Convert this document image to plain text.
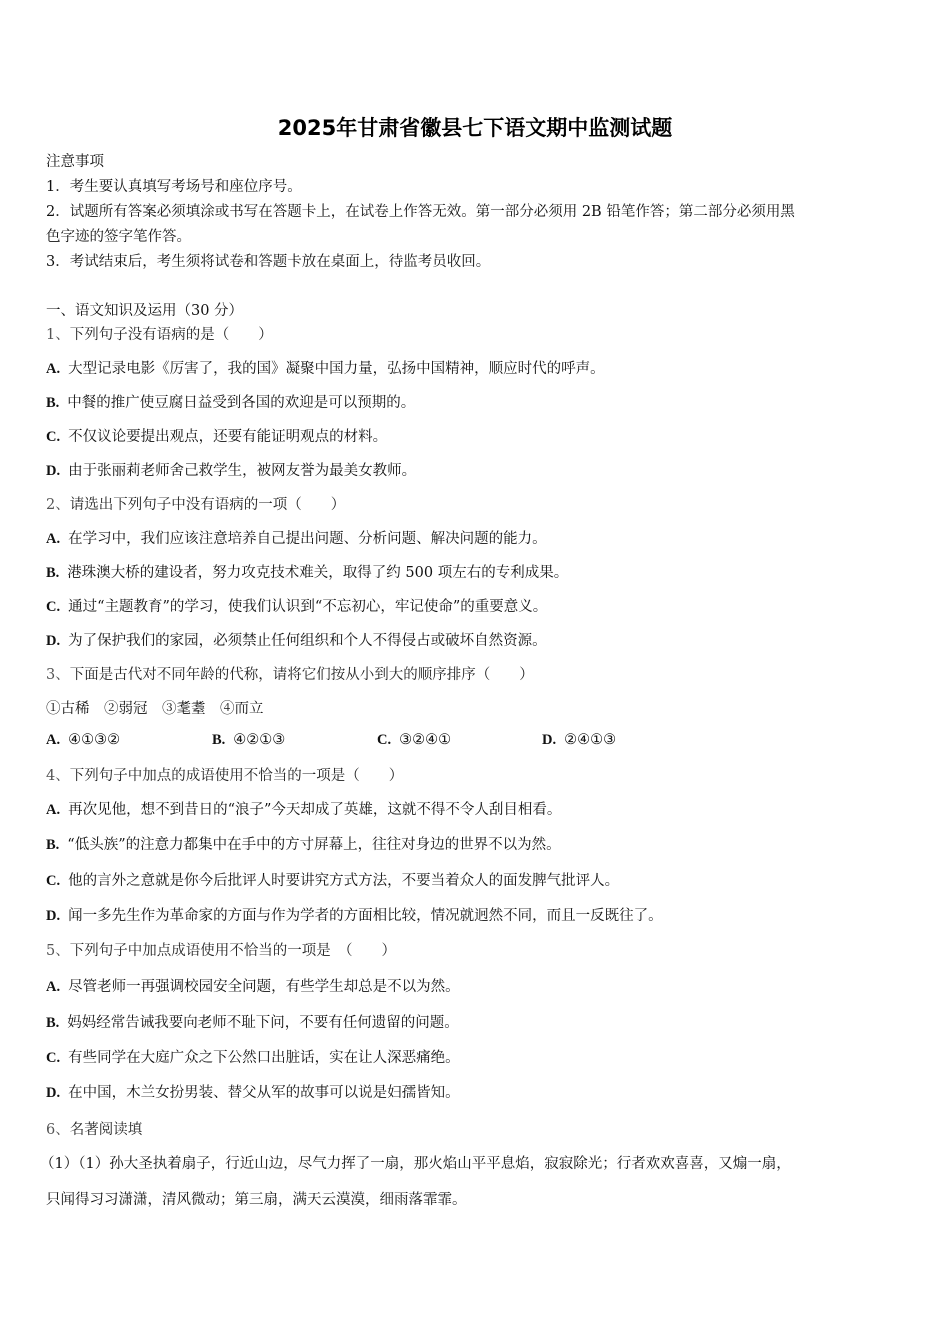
2025年甘肃省徽县七下语文期中监测试题
注意事项
1．考生要认真填写考场号和座位序号。
2．试题所有答案必须填涂或书写在答题卡上，在试卷上作答无效。第一部分必须用 2B 铅笔作答；第二部分必须用黑
色字迹的签字笔作答。
3．考试结束后，考生须将试卷和答题卡放在桌面上，待监考员收回。
一、语文知识及运用（30 分）
1、下列句子没有语病的是（　　）
A. 大型记录电影《厉害了，我的国》凝聚中国力量，弘扬中国精神，顺应时代的呼声。
B. 中餐的推广使豆腐日益受到各国的欢迎是可以预期的。
C. 不仅议论要提出观点，还要有能证明观点的材料。
D. 由于张丽莉老师舍己救学生，被网友誉为最美女教师。
2、请选出下列句子中没有语病的一项（　　）
A. 在学习中，我们应该注意培养自己提出问题、分析问题、解决问题的能力。
B. 港珠澳大桥的建设者，努力攻克技术难关，取得了约 500 项左右的专利成果。
C. 通过“主题教育”的学习，使我们认识到“不忘初心，牢记使命”的重要意义。
D. 为了保护我们的家园，必须禁止任何组织和个人不得侵占或破坏自然资源。
3、下面是古代对不同年龄的代称，请将它们按从小到大的顺序排序（　　）
①古稀　②弱冠　③耄耋　④而立
A. ④①③②	B. ④②①③	C. ③②④①	D. ②④①③
4、下列句子中加点的成语使用不恰当的一项是（　　）
A. 再次见他，想不到昔日的“浪子”今天却成了英雄，这就不得不令人刮目相看。
B. “低头族”的注意力都集中在手中的方寸屏幕上，往往对身边的世界不以为然。
C. 他的言外之意就是你今后批评人时要讲究方式方法，不要当着众人的面发脾气批评人。
D. 闻一多先生作为革命家的方面与作为学者的方面相比较，情况就迥然不同，而且一反既往了。
5、下列句子中加点成语使用不恰当的一项是　（　　）
A. 尽管老师一再强调校园安全问题，有些学生却总是不以为然。
B. 妈妈经常告诫我要向老师不耻下问，不要有任何遗留的问题。
C. 有些同学在大庭广众之下公然口出脏话，实在让人深恶痛绝。
D. 在中国，木兰女扮男装、替父从军的故事可以说是妇孺皆知。
6、名著阅读填
（1）（1）孙大圣执着扇子，行近山边，尽气力挥了一扇，那火焰山平平息焰，寂寂除光；行者欢欢喜喜，又煽一扇，
只闻得习习潇潇，清风微动；第三扇，满天云漠漠，细雨落霏霏。
